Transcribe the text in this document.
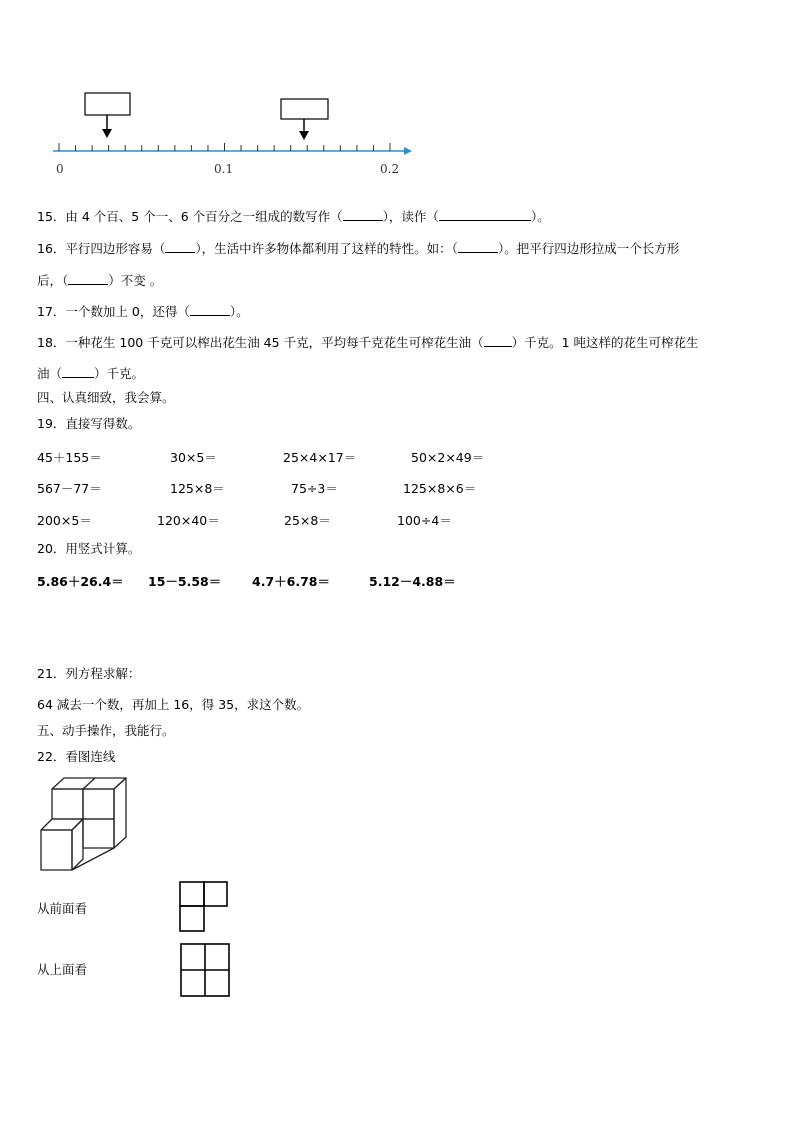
0	0.1	0.2
15．由 4 个百、5 个一、6 个百分之一组成的数写作（	），读作（	）。
16．平行四边形容易（ ），生活中许多物体都利用了这样的特性。如：（	）。把平行四边形拉成一个长方形
后，（	）不变 。
17．一个数加上 0，还得（	）。
18．一种花生 100 千克可以榨出花生油 45 千克，平均每千克花生可榨花生油（ ）千克。1 吨这样的花生可榨花生
油（	）千克。
四、认真细致，我会算。
19．直接写得数。
45＋155＝	30×5＝	25×4×17＝	50×2×49＝
567－77＝	125×8＝	75÷3＝	125×8×6＝
200×5＝	120×40＝	25×8＝	100÷4＝
20．用竖式计算。
5.86＋26.4＝ 15－5.58＝ 4.7＋6.78＝	5.12－4.88＝
21．列方程求解：
64 减去一个数，再加上 16，得 35，求这个数。
五、动手操作，我能行。
22．看图连线
从前面看
从上面看
